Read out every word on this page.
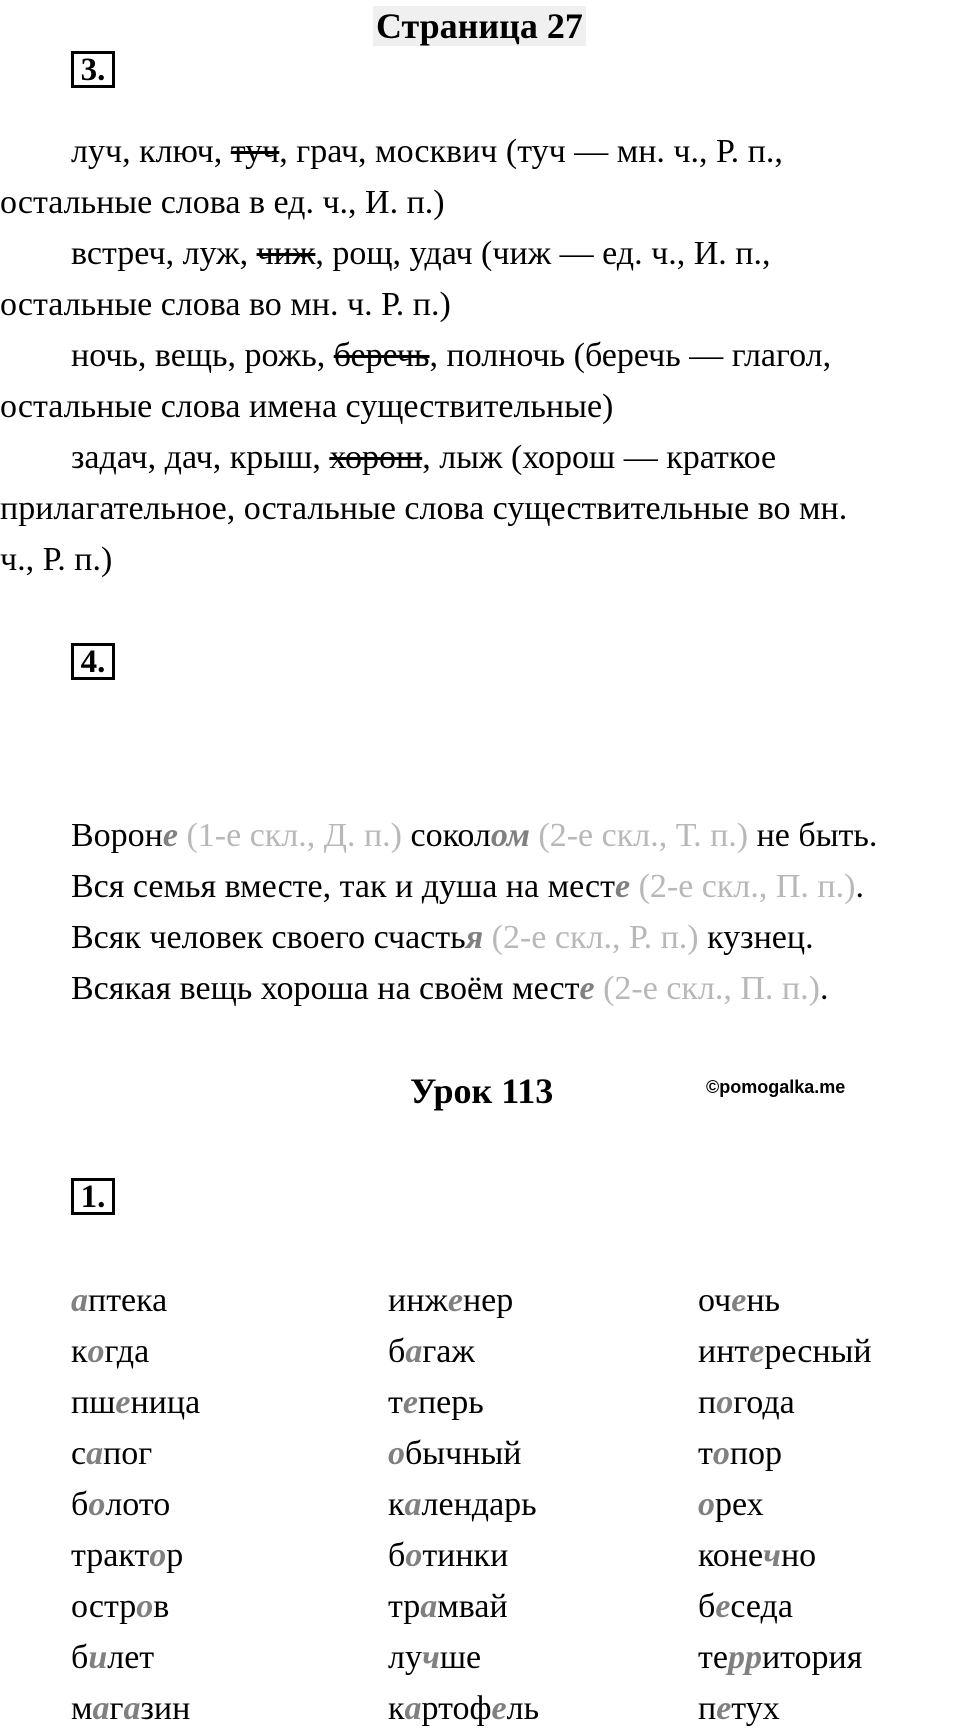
Страница 27
3.
луч, ключ, туч, грач, москвич (туч — мн. ч., Р. п.,
остальные слова в ед. ч., И. п.)
встреч, луж, чиж, рощ, удач (чиж — ед. ч., И. п.,
остальные слова во мн. ч. Р. п.)
ночь, вещь, рожь, беречь, полночь (беречь — глагол,
остальные слова имена существительные)
задач, дач, крыш, хорош, лыж (хорош — краткое
прилагательное, остальные слова существительные во мн.
ч., Р. п.)
4.
Вороне (1-е скл., Д. п.) соколом (2-е скл., Т. п.) не быть.
Вся семья вместе, так и душа на месте (2-е скл., П. п.).
Всяк человек своего счастья (2-е скл., Р. п.) кузнец.
Всякая вещь хороша на своём месте (2-е скл., П. п.).
Урок 113	©pomogalka.me
1.
аптека
когда
пшеница
сапог
болото
трактор
остров
билет
магазин
инженер
багаж
теперь
обычный
календарь
ботинки
трамвай
лучше
картофель
очень
интересный
погода
топор
орех
конечно
беседа
территория
петух
